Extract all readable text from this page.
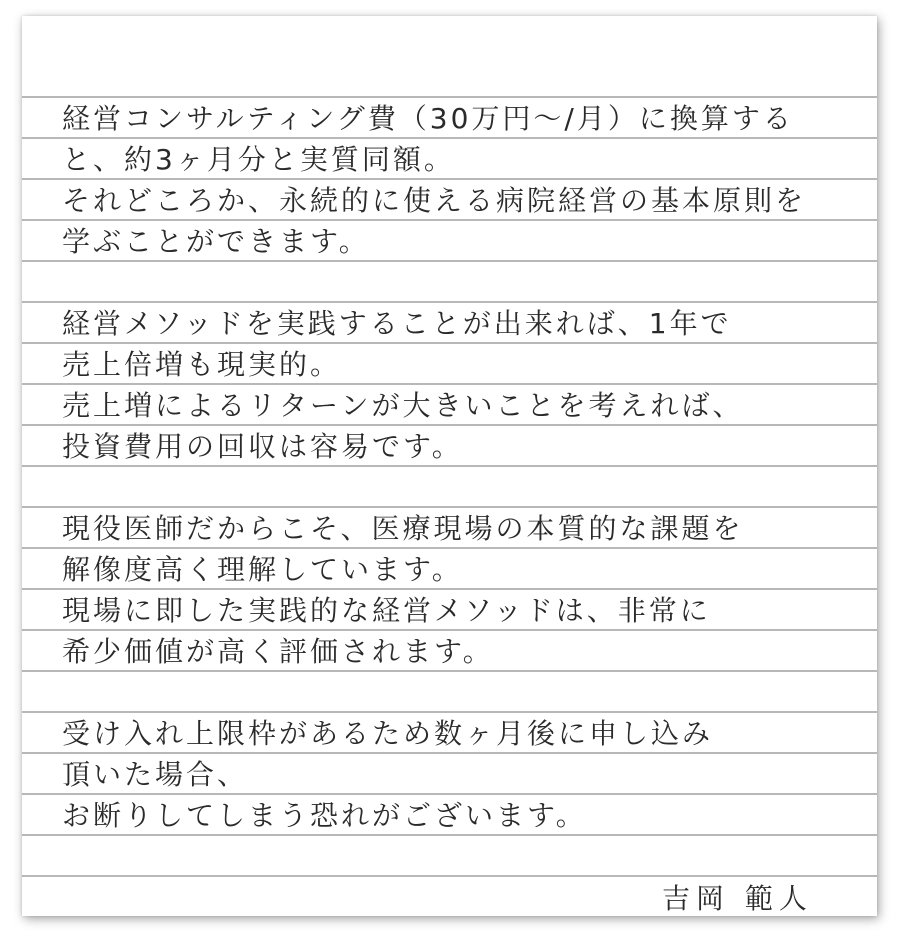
経営コンサルティング費（30万円～/月）に換算する
と、約3ヶ月分と実質同額。
それどころか、永続的に使える病院経営の基本原則を
学ぶことができます。
経営メソッドを実践することが出来れば、1年で
売上倍増も現実的。
売上増によるリターンが大きいことを考えれば、
投資費用の回収は容易です。
現役医師だからこそ、医療現場の本質的な課題を
解像度高く理解しています。
現場に即した実践的な経営メソッドは、非常に
希少価値が高く評価されます。
受け入れ上限枠があるため数ヶ月後に申し込み
頂いた場合、
お断りしてしまう恐れがございます。
吉岡 範人
